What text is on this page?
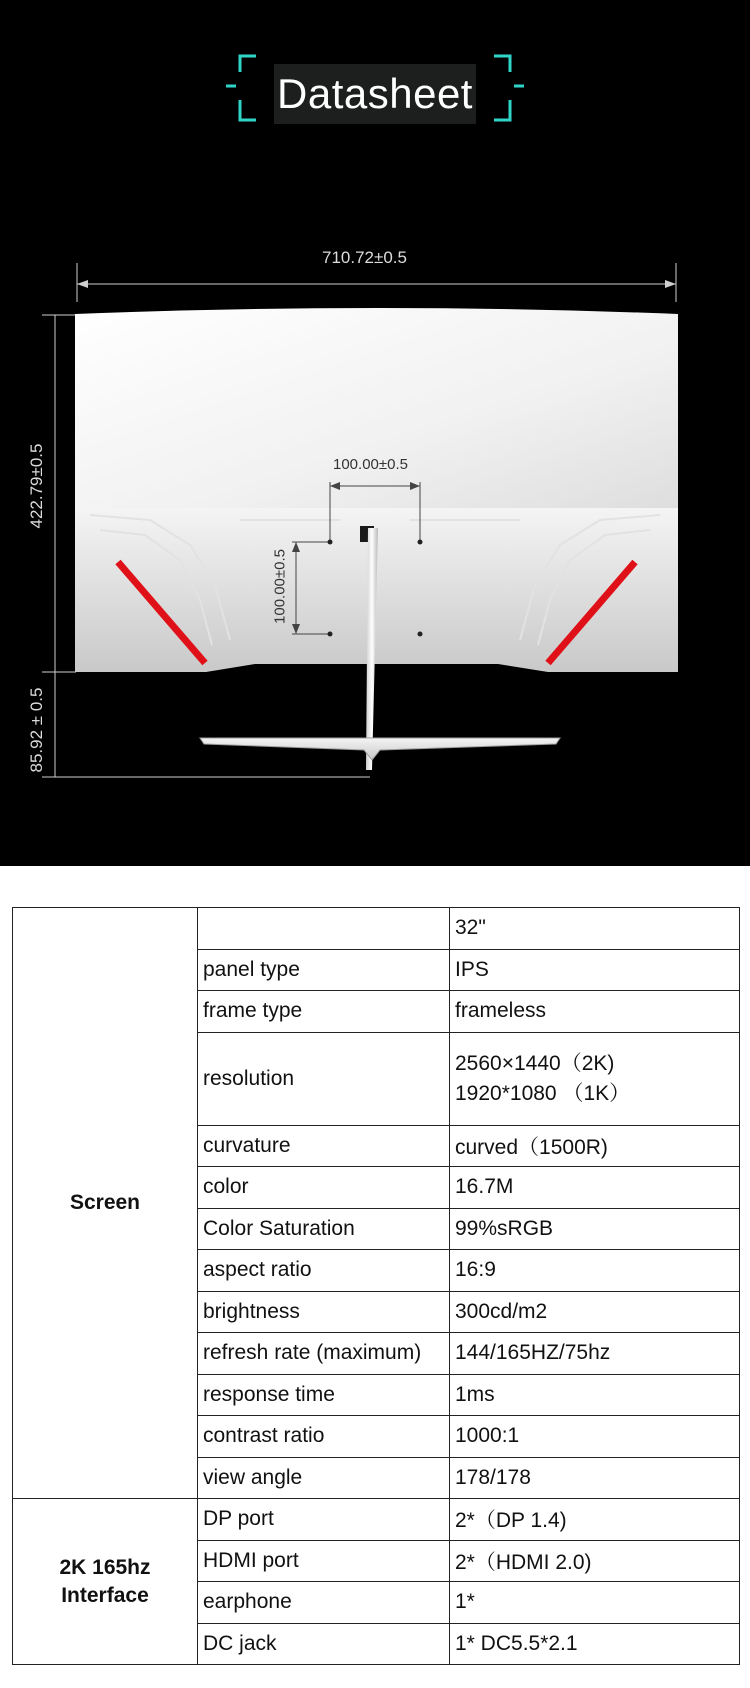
Datasheet
710.72±0.5
422.79±0.5
85.92 ± 0.5
100.00±0.5
100.00±0.5
Screen		32"
	panel type	IPS
	frame type	frameless
	resolution	2560×1440（2K)
1920*1080 （1K）

	curvature	curved（1500R)
	color	16.7M
	Color Saturation	99%sRGB
	aspect ratio	16:9
	brightness	300cd/m2
	refresh rate (maximum)	144/165HZ/75hz
	response time	1ms
	contrast ratio	1000:1
	view angle	178/178

2K 165hz
Interface	DP port	2*（DP 1.4)
	HDMI port	2*（HDMI 2.0)
	earphone	1*
	DC jack	1* DC5.5*2.1
